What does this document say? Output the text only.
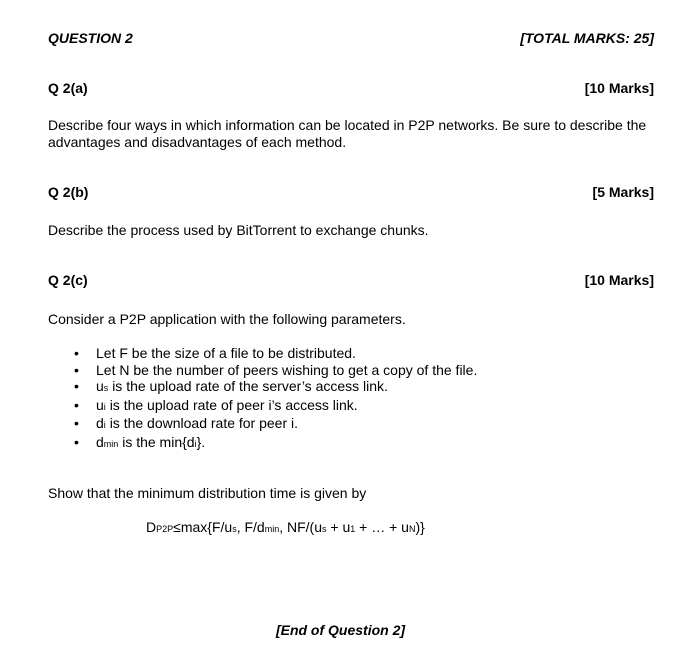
QUESTION 2	[TOTAL MARKS: 25]
Q 2(a)	[10 Marks]
Describe four ways in which information can be located in P2P networks. Be sure to describe the advantages and disadvantages of each method.
Q 2(b)	[5 Marks]
Describe the process used by BitTorrent to exchange chunks.
Q 2(c)	[10 Marks]
Consider a P2P application with the following parameters.
• Let F be the size of a file to be distributed.
• Let N be the number of peers wishing to get a copy of the file.
• us is the upload rate of the server’s access link.
• ui is the upload rate of peer i’s access link.
• di is the download rate for peer i.
• dmin is the min{di}.
Show that the minimum distribution time is given by
DP2P≤max{F/us, F/dmin, NF/(us + u1 + … + uN)}
[End of Question 2]
